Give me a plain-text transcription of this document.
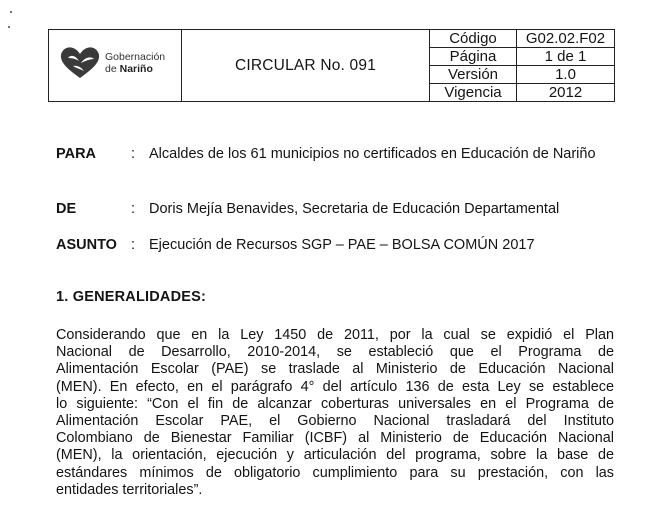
Gobernación
de Nariño	CIRCULAR No. 091	Código	G02.02.F02
		Página	1 de 1
		Versión	1.0
		Vigencia	2012
PARA : Alcaldes de los 61 municipios no certificados en Educación de Nariño
DE	: Doris Mejía Benavides, Secretaria de Educación Departamental
ASUNTO : Ejecución de Recursos SGP – PAE – BOLSA COMÚN 2017
1. GENERALIDADES:
Considerando que en la Ley 1450 de 2011, por la cual se expidió el Plan
Nacional de Desarrollo, 2010-2014, se estableció que el Programa de
Alimentación Escolar (PAE) se traslade al Ministerio de Educación Nacional
(MEN). En efecto, en el parágrafo 4° del artículo 136 de esta Ley se establece
lo siguiente: “Con el fin de alcanzar coberturas universales en el Programa de
Alimentación Escolar PAE, el Gobierno Nacional trasladará del Instituto
Colombiano de Bienestar Familiar (ICBF) al Ministerio de Educación Nacional
(MEN), la orientación, ejecución y articulación del programa, sobre la base de
estándares mínimos de obligatorio cumplimiento para su prestación, con las
entidades territoriales”.
